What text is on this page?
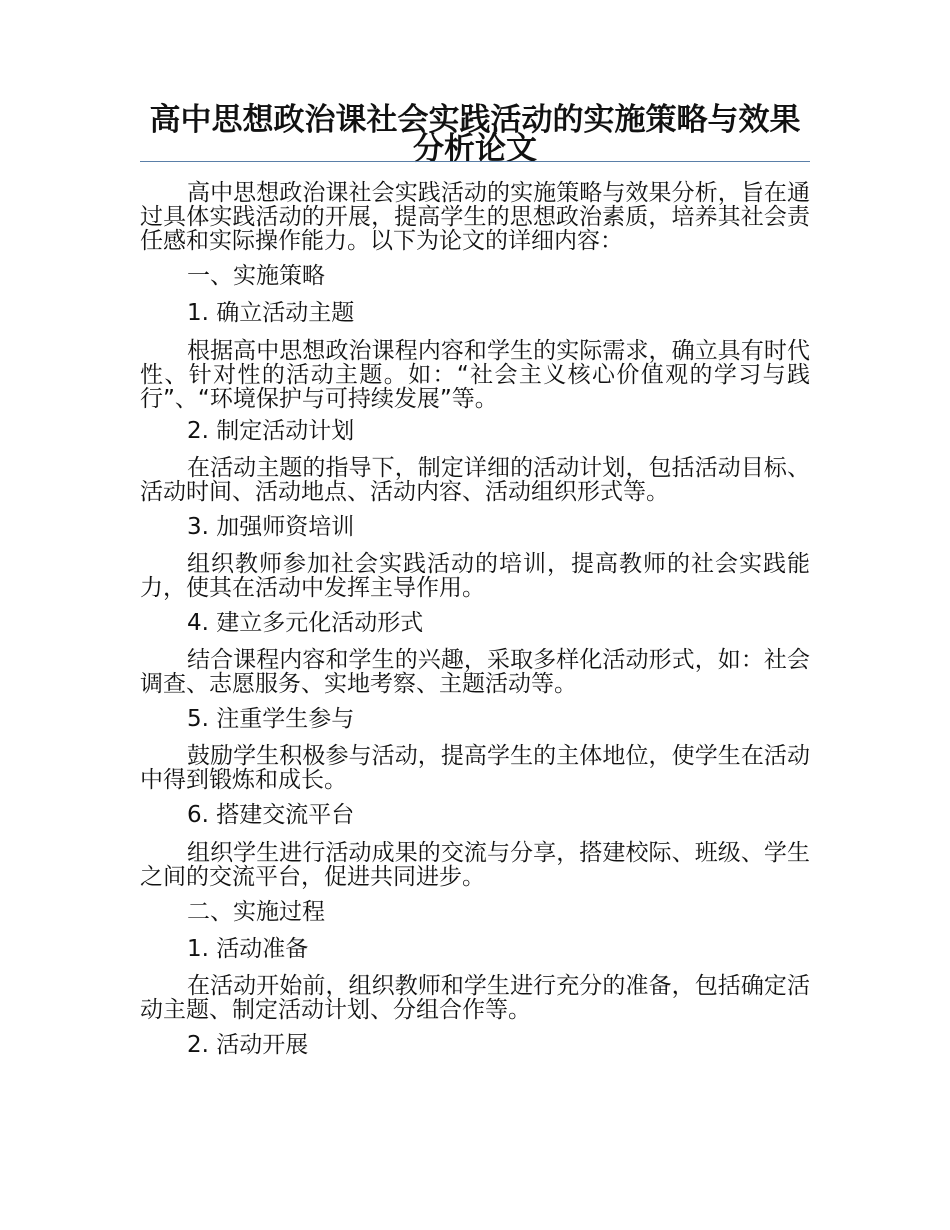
高中思想政治课社会实践活动的实施策略与效果分析论文
高中思想政治课社会实践活动的实施策略与效果分析，旨在通过具体实践活动的开展，提高学生的思想政治素质，培养其社会责任感和实际操作能力。以下为论文的详细内容：
一、实施策略
1. 确立活动主题
根据高中思想政治课程内容和学生的实际需求，确立具有时代性、针对性的活动主题。如：“社会主义核心价值观的学习与践行”、“环境保护与可持续发展”等。
2. 制定活动计划
在活动主题的指导下，制定详细的活动计划，包括活动目标、活动时间、活动地点、活动内容、活动组织形式等。
3. 加强师资培训
组织教师参加社会实践活动的培训，提高教师的社会实践能力，使其在活动中发挥主导作用。
4. 建立多元化活动形式
结合课程内容和学生的兴趣，采取多样化活动形式，如：社会调查、志愿服务、实地考察、主题活动等。
5. 注重学生参与
鼓励学生积极参与活动，提高学生的主体地位，使学生在活动中得到锻炼和成长。
6. 搭建交流平台
组织学生进行活动成果的交流与分享，搭建校际、班级、学生之间的交流平台，促进共同进步。
二、实施过程
1. 活动准备
在活动开始前，组织教师和学生进行充分的准备，包括确定活动主题、制定活动计划、分组合作等。
2. 活动开展
